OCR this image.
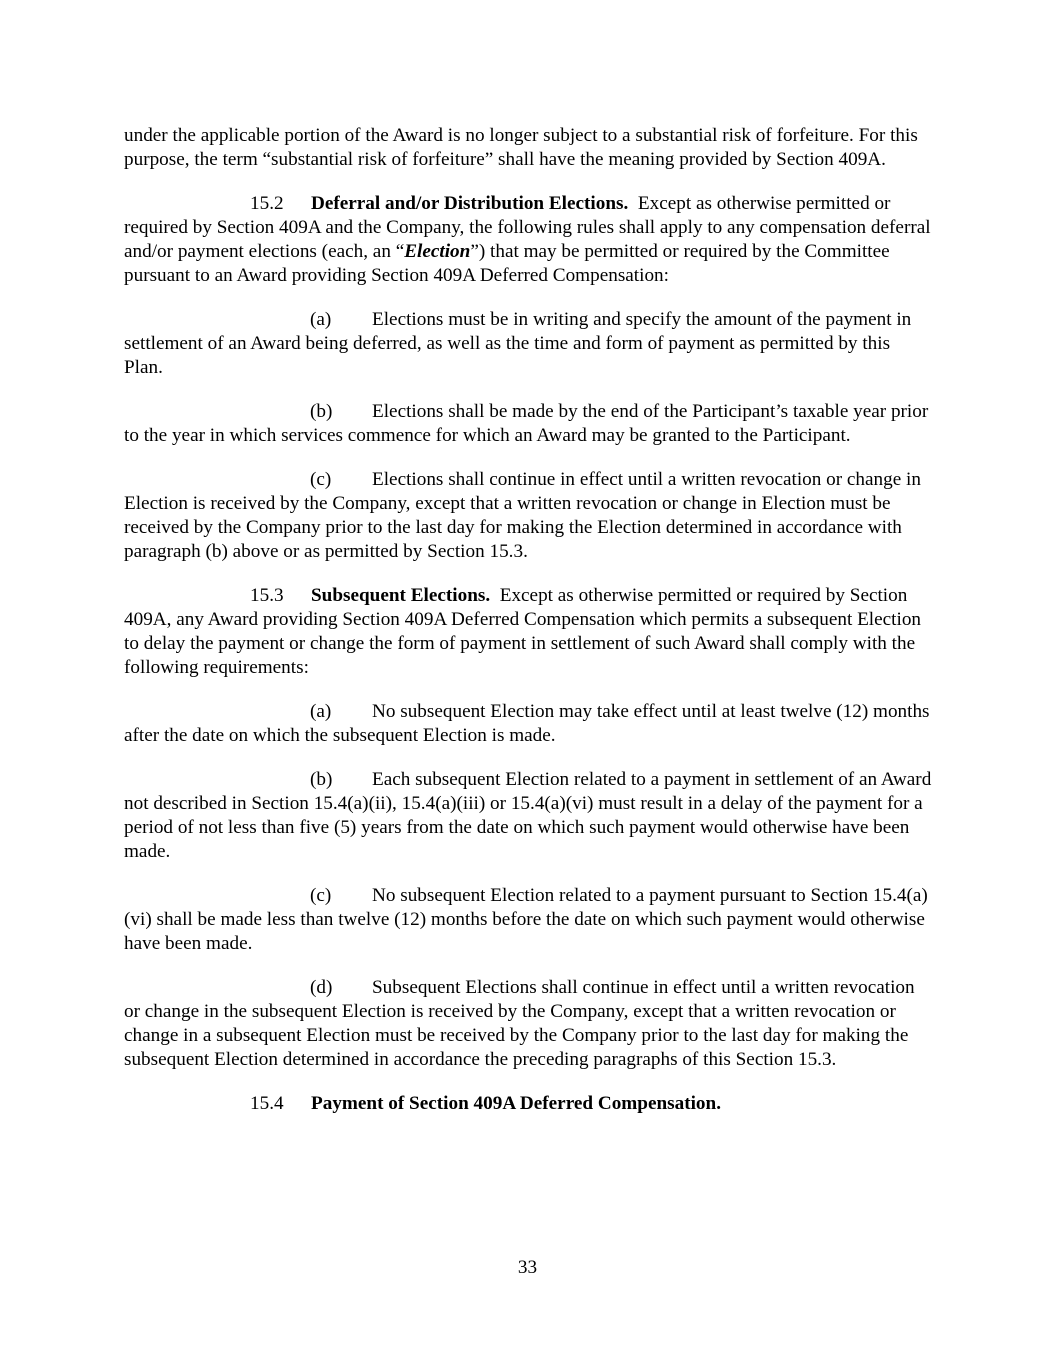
under the applicable portion of the Award is no longer subject to a substantial risk of forfeiture. For this purpose, the term “substantial risk of forfeiture” shall have the meaning provided by Section 409A.

15.2 Deferral and/or Distribution Elections.  Except as otherwise permitted or required by Section 409A and the Company, the following rules shall apply to any compensation deferral and/or payment elections (each, an “Election”) that may be permitted or required by the Committee pursuant to an Award providing Section 409A Deferred Compensation:

(a) Elections must be in writing and specify the amount of the payment in settlement of an Award being deferred, as well as the time and form of payment as permitted by this Plan.

(b) Elections shall be made by the end of the Participant’s taxable year prior to the year in which services commence for which an Award may be granted to the Participant.

(c) Elections shall continue in effect until a written revocation or change in Election is received by the Company, except that a written revocation or change in Election must be received by the Company prior to the last day for making the Election determined in accordance with paragraph (b) above or as permitted by Section 15.3.

15.3 Subsequent Elections.  Except as otherwise permitted or required by Section 409A, any Award providing Section 409A Deferred Compensation which permits a subsequent Election to delay the payment or change the form of payment in settlement of such Award shall comply with the following requirements:

(a) No subsequent Election may take effect until at least twelve (12) months after the date on which the subsequent Election is made.

(b) Each subsequent Election related to a payment in settlement of an Award not described in Section 15.4(a)(ii), 15.4(a)(iii) or 15.4(a)(vi) must result in a delay of the payment for a period of not less than five (5) years from the date on which such payment would otherwise have been made.

(c) No subsequent Election related to a payment pursuant to Section 15.4(a)(vi) shall be made less than twelve (12) months before the date on which such payment would otherwise have been made.

(d) Subsequent Elections shall continue in effect until a written revocation or change in the subsequent Election is received by the Company, except that a written revocation or change in a subsequent Election must be received by the Company prior to the last day for making the subsequent Election determined in accordance the preceding paragraphs of this Section 15.3.

15.4 Payment of Section 409A Deferred Compensation.

33
